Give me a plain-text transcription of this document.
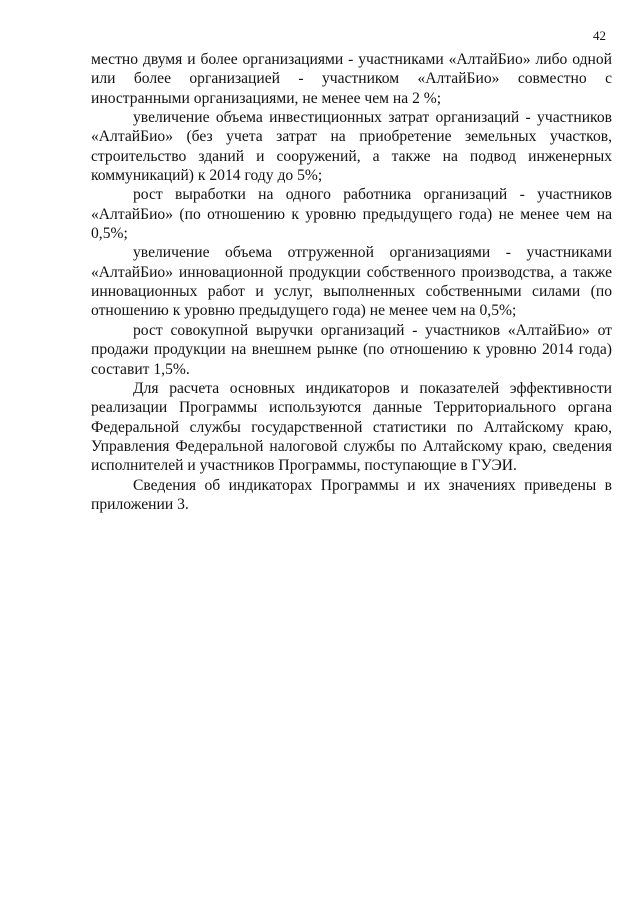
42

местно двумя и более организациями - участниками «АлтайБио» либо одной или более организацией - участником «АлтайБио» совместно с иностранными организациями, не менее чем на 2 %;

увеличение объема инвестиционных затрат организаций - участников «АлтайБио» (без учета затрат на приобретение земельных участков, строительство зданий и сооружений, а также на подвод инженерных коммуникаций) к 2014 году до 5%;

рост выработки на одного работника организаций - участников «АлтайБио» (по отношению к уровню предыдущего года) не менее чем на 0,5%;

увеличение объема отгруженной организациями - участниками «АлтайБио» инновационной продукции собственного производства, а также инновационных работ и услуг, выполненных собственными силами (по отношению к уровню предыдущего года) не менее чем на 0,5%;

рост совокупной выручки организаций - участников «АлтайБио» от продажи продукции на внешнем рынке (по отношению к уровню 2014 года) составит 1,5%.

Для расчета основных индикаторов и показателей эффективности реализации Программы используются данные Территориального органа Федеральной службы государственной статистики по Алтайскому краю, Управления Федеральной налоговой службы по Алтайскому краю, сведения исполнителей и участников Программы, поступающие в ГУЭИ.

Сведения об индикаторах Программы и их значениях приведены в приложении 3.
